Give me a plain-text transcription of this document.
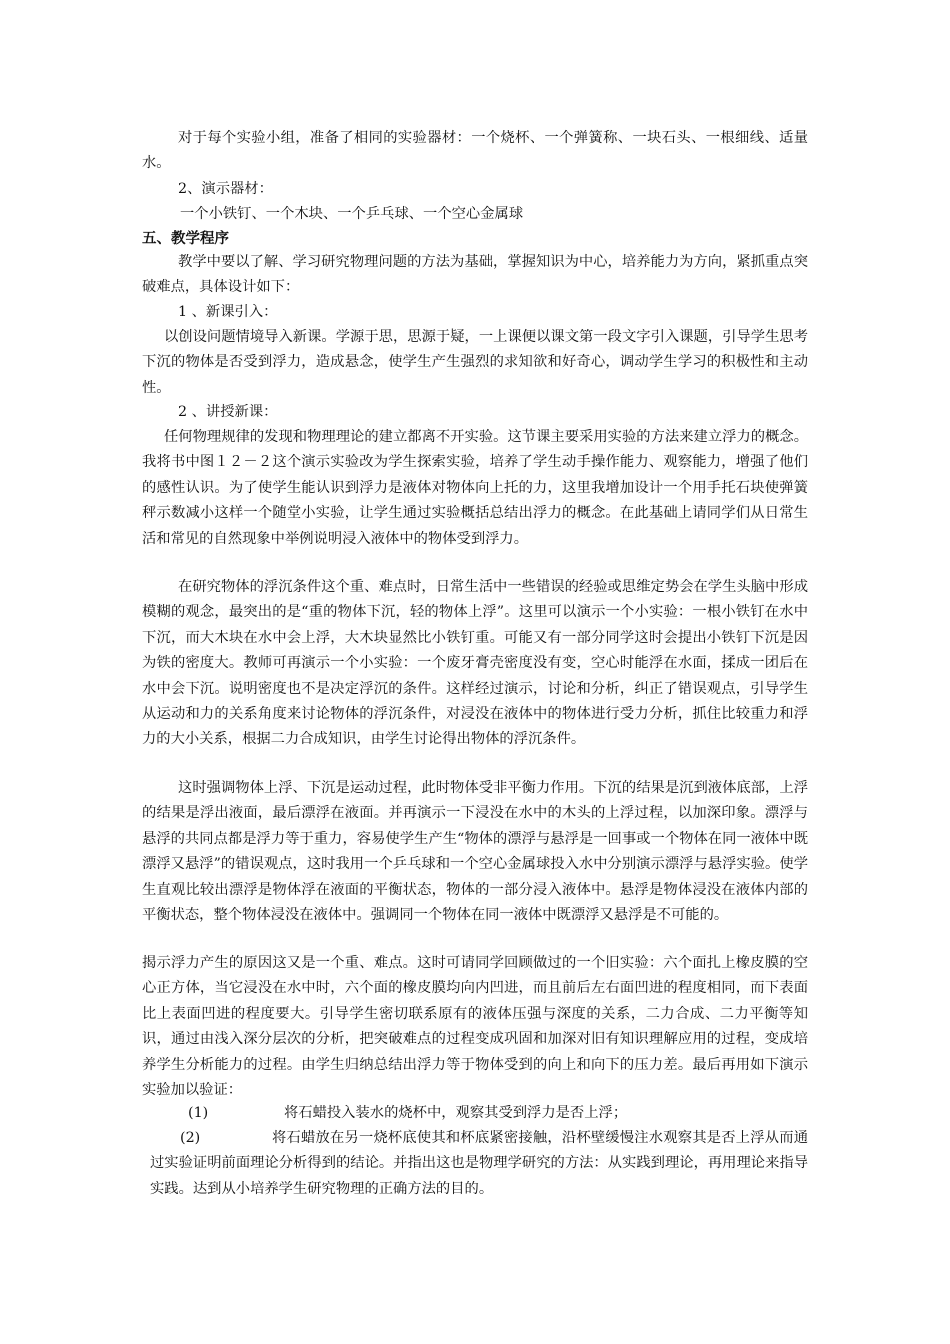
对于每个实验小组，准备了相同的实验器材：一个烧杯、一个弹簧称、一块石头、一根细线、适量水。

2、演示器材：

一个小铁钉、一个木块、一个乒乓球、一个空心金属球

五、教学程序

教学中要以了解、学习研究物理问题的方法为基础，掌握知识为中心，培养能力为方向，紧抓重点突破难点，具体设计如下：

1 、新课引入：

以创设问题情境导入新课。学源于思，思源于疑，一上课便以课文第一段文字引入课题，引导学生思考下沉的物体是否受到浮力，造成悬念，使学生产生强烈的求知欲和好奇心，调动学生学习的积极性和主动性。

2 、讲授新课：

任何物理规律的发现和物理理论的建立都离不开实验。这节课主要采用实验的方法来建立浮力的概念。我将书中图１２－２这个演示实验改为学生探索实验，培养了学生动手操作能力、观察能力，增强了他们的感性认识。为了使学生能认识到浮力是液体对物体向上托的力，这里我增加设计一个用手托石块使弹簧秤示数减小这样一个随堂小实验，让学生通过实验概括总结出浮力的概念。在此基础上请同学们从日常生活和常见的自然现象中举例说明浸入液体中的物体受到浮力。

在研究物体的浮沉条件这个重、难点时，日常生活中一些错误的经验或思维定势会在学生头脑中形成模糊的观念，最突出的是“重的物体下沉，轻的物体上浮”。这里可以演示一个小实验：一根小铁钉在水中下沉，而大木块在水中会上浮，大木块显然比小铁钉重。可能又有一部分同学这时会提出小铁钉下沉是因为铁的密度大。教师可再演示一个小实验：一个废牙膏壳密度没有变，空心时能浮在水面，揉成一团后在水中会下沉。说明密度也不是决定浮沉的条件。这样经过演示，讨论和分析，纠正了错误观点，引导学生从运动和力的关系角度来讨论物体的浮沉条件，对浸没在液体中的物体进行受力分析，抓住比较重力和浮力的大小关系，根据二力合成知识，由学生讨论得出物体的浮沉条件。

这时强调物体上浮、下沉是运动过程，此时物体受非平衡力作用。下沉的结果是沉到液体底部，上浮的结果是浮出液面，最后漂浮在液面。并再演示一下浸没在水中的木头的上浮过程，以加深印象。漂浮与悬浮的共同点都是浮力等于重力，容易使学生产生“物体的漂浮与悬浮是一回事或一个物体在同一液体中既漂浮又悬浮”的错误观点，这时我用一个乒乓球和一个空心金属球投入水中分别演示漂浮与悬浮实验。使学生直观比较出漂浮是物体浮在液面的平衡状态，物体的一部分浸入液体中。悬浮是物体浸没在液体内部的平衡状态，整个物体浸没在液体中。强调同一个物体在同一液体中既漂浮又悬浮是不可能的。

揭示浮力产生的原因这又是一个重、难点。这时可请同学回顾做过的一个旧实验：六个面扎上橡皮膜的空心正方体，当它浸没在水中时，六个面的橡皮膜均向内凹进，而且前后左右面凹进的程度相同，而下表面比上表面凹进的程度要大。引导学生密切联系原有的液体压强与深度的关系，二力合成、二力平衡等知识，通过由浅入深分层次的分析，把突破难点的过程变成巩固和加深对旧有知识理解应用的过程，变成培养学生分析能力的过程。由学生归纳总结出浮力等于物体受到的向上和向下的压力差。最后再用如下演示实验加以验证：

(1)	将石蜡投入装水的烧杯中，观察其受到浮力是否上浮；
(2)	将石蜡放在另一烧杯底使其和杯底紧密接触，沿杯壁缓慢注水观察其是否上浮从而通过实验证明前面理论分析得到的结论。并指出这也是物理学研究的方法：从实践到理论，再用理论来指导实践。达到从小培养学生研究物理的正确方法的目的。
